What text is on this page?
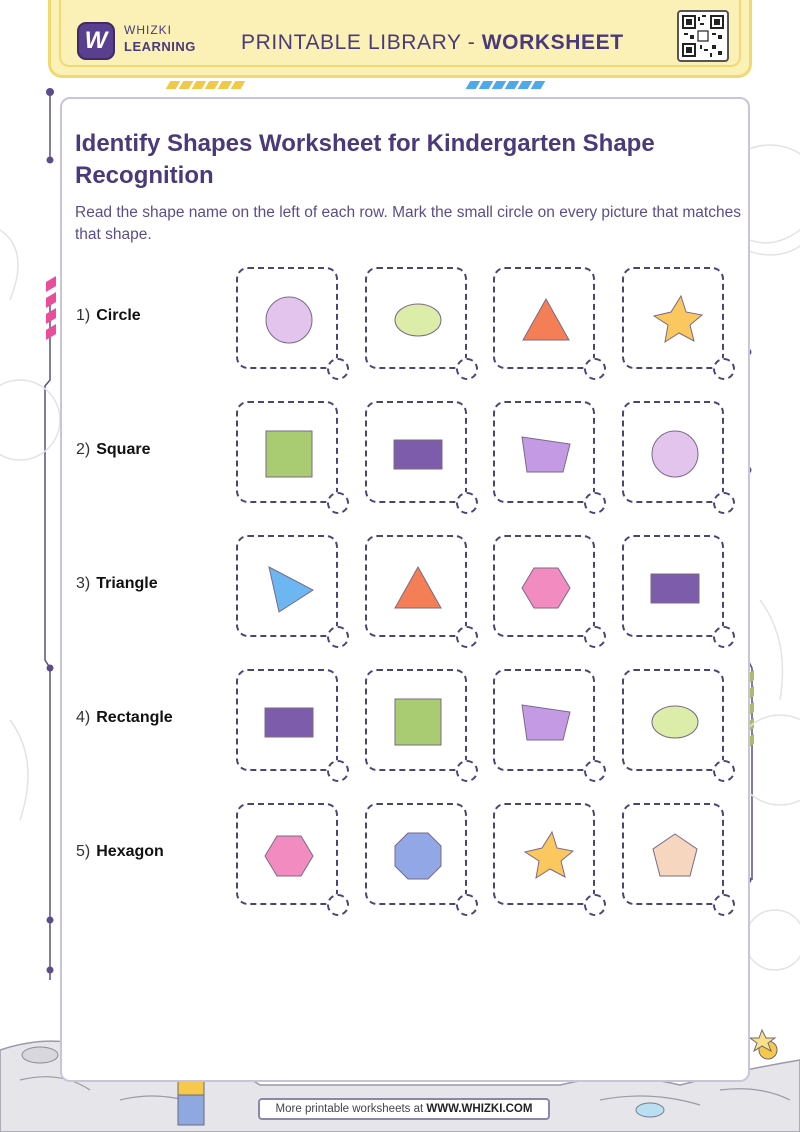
W	WHIZKI
LEARNING PRINTABLE LIBRARY - WORKSHEET
Identify Shapes Worksheet for Kindergarten Shape Recognition

Read the shape name on the left of each row. Mark the small circle on every picture that matches that shape.

1) Circle
2) Square
3) Triangle
4) Rectangle
5) Hexagon
More printable worksheets at WWW.WHIZKI.COM
